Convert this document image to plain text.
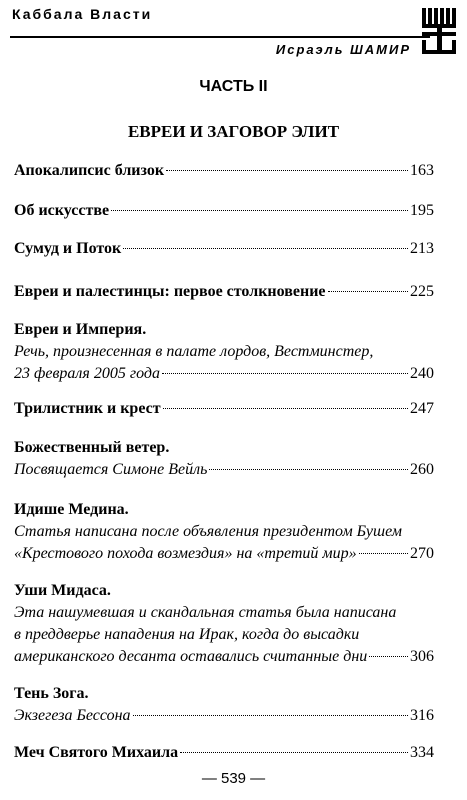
Каббала Власти
Исраэль ШАМИР
ЧАСТЬ II
ЕВРЕИ И ЗАГОВОР ЭЛИТ
Апокалипсис близок	163
Об искусстве	195
Сумуд и Поток	213
Евреи и палестинцы: первое столкновение	225
Евреи и Империя.
Речь, произнесенная в палате лордов, Вестминстер,
23 февраля 2005 года	240
Трилистник и крест	247
Божественный ветер.
Посвящается Симоне Вейль	260
Идише Медина.
Статья написана после объявления президентом Бушем
«Крестового похода возмездия» на «третий мир»	270
Уши Мидаса.
Эта нашумевшая и скандальная статья была написана
в преддверье нападения на Ирак, когда до высадки
американского десанта оставались считанные дни	306
Тень Зога.
Экзегеза Бессона	316
Меч Святого Михаила	334
— 539 —
